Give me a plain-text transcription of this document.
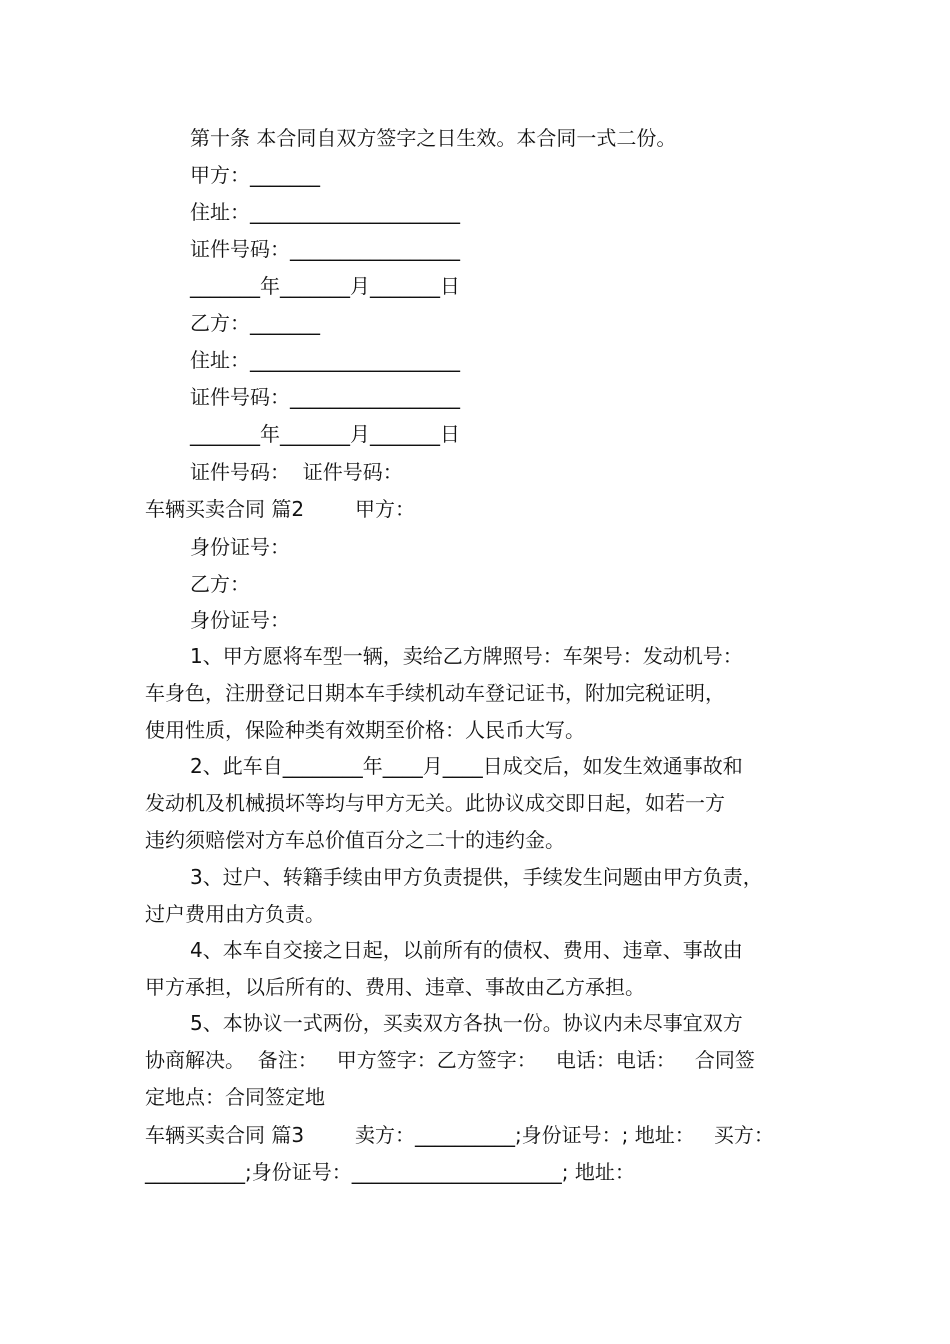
第十条 本合同自双方签字之日生效。本合同一式二份。
甲方：_______
住址：_____________________
证件号码：_________________
_______年_______月_______日
乙方：_______
住址：_____________________
证件号码：_________________
_______年_______月_______日
证件号码：  证件号码：
车辆买卖合同 篇2        甲方：
身份证号：
乙方：
身份证号：
1、甲方愿将车型一辆，卖给乙方牌照号：车架号：发动机号：
车身色，注册登记日期本车手续机动车登记证书，附加完税证明，
使用性质，保险种类有效期至价格：人民币大写。
2、此车自________年____月____日成交后，如发生效通事故和
发动机及机械损坏等均与甲方无关。此协议成交即日起，如若一方
违约须赔偿对方车总价值百分之二十的违约金。
3、过户、转籍手续由甲方负责提供，手续发生问题由甲方负责，
过户费用由方负责。
4、本车自交接之日起，以前所有的债权、费用、违章、事故由
甲方承担，以后所有的、费用、违章、事故由乙方承担。
5、本协议一式两份，买卖双方各执一份。协议内未尽事宜双方
协商解决。  备注：   甲方签字：乙方签字：   电话：电话：   合同签
定地点：合同签定地
车辆买卖合同 篇3        卖方：__________;身份证号：; 地址：   买方：
__________;身份证号：_____________________; 地址：
